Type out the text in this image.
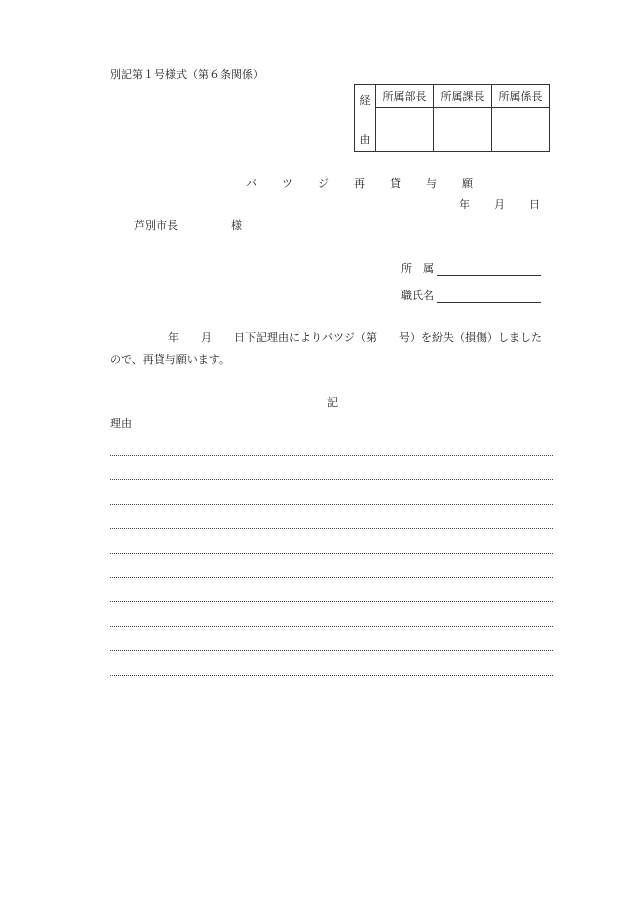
別記第１号様式（第６条関係）
経
由	所属部長	所属課長	所属係長

バ ツ ジ 再 貸 与 願
年 月 日
芦別市長	様
所　属
職氏名
年　　月　　日下記理由によりバツジ（第　　号）を紛失（損傷）しました
ので、再貸与願います。
記
理由
